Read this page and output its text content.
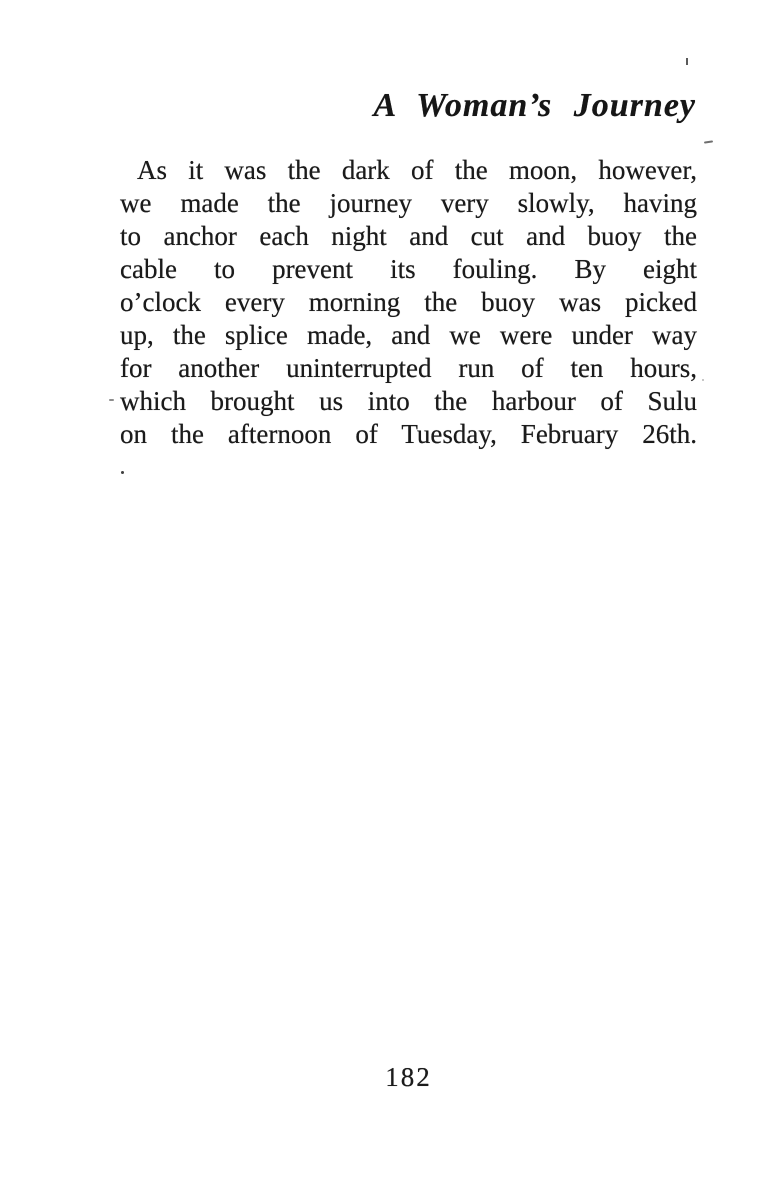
A Woman’s Journey
As it was the dark of the moon, however,
we made the journey very slowly, having
to anchor each night and cut and buoy the
cable to prevent its fouling. By eight
o’clock every morning the buoy was picked
up, the splice made, and we were under way
for another uninterrupted run of ten hours,
which brought us into the harbour of Sulu
on the afternoon of Tuesday, February 26th.
182
